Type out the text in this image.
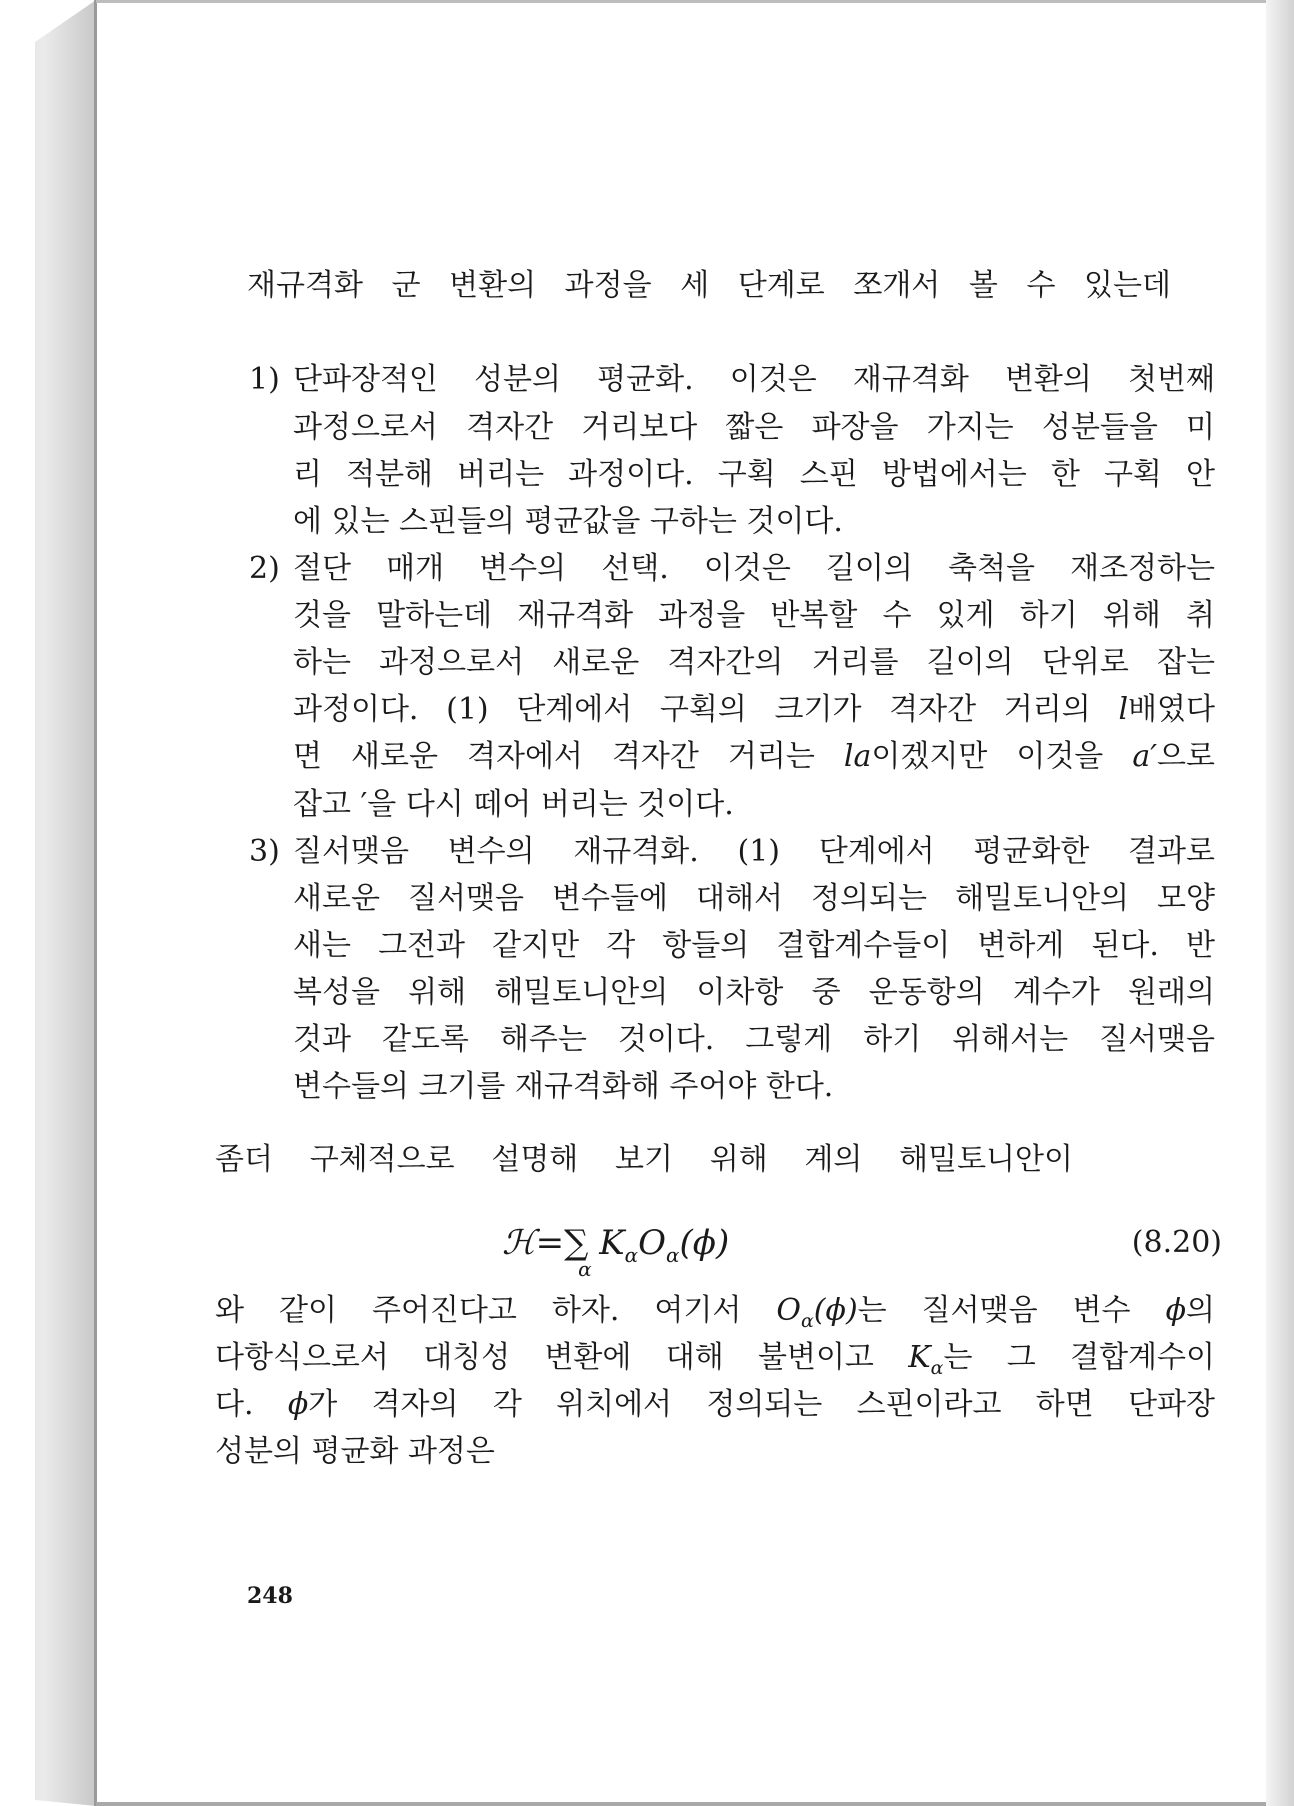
재규격화 군 변환의 과정을 세 단계로 쪼개서 볼 수 있는데
1) 단파장적인 성분의 평균화. 이것은 재규격화 변환의 첫번째
과정으로서 격자간 거리보다 짧은 파장을 가지는 성분들을 미
리 적분해 버리는 과정이다. 구획 스핀 방법에서는 한 구획 안
에 있는 스핀들의 평균값을 구하는 것이다.
2) 절단 매개 변수의 선택. 이것은 길이의 축척을 재조정하는
것을 말하는데 재규격화 과정을 반복할 수 있게 하기 위해 취
하는 과정으로서 새로운 격자간의 거리를 길이의 단위로 잡는
과정이다. (1) 단계에서 구획의 크기가 격자간 거리의 l배였다
면 새로운 격자에서 격자간 거리는 la이겠지만 이것을 a′으로
잡고 ′을 다시 떼어 버리는 것이다.
3) 질서맺음 변수의 재규격화. (1) 단계에서 평균화한 결과로
새로운 질서맺음 변수들에 대해서 정의되는 해밀토니안의 모양
새는 그전과 같지만 각 항들의 결합계수들이 변하게 된다. 반
복성을 위해 해밀토니안의 이차항 중 운동항의 계수가 원래의
것과 같도록 해주는 것이다. 그렇게 하기 위해서는 질서맺음
변수들의 크기를 재규격화해 주어야 한다.
좀더 구체적으로 설명해 보기 위해 계의 해밀토니안이
ℋ=∑
α
$K_\alpha O_\alpha(\phi)$	(8.20)
와 같이 주어진다고 하자. 여기서 $O_\alpha(\phi)$는 질서맺음 변수 ϕ의
다항식으로서 대칭성 변환에 대해 불변이고 $K_\alpha$는 그 결합계수이
다. ϕ가 격자의 각 위치에서 정의되는 스핀이라고 하면 단파장
성분의 평균화 과정은
248
